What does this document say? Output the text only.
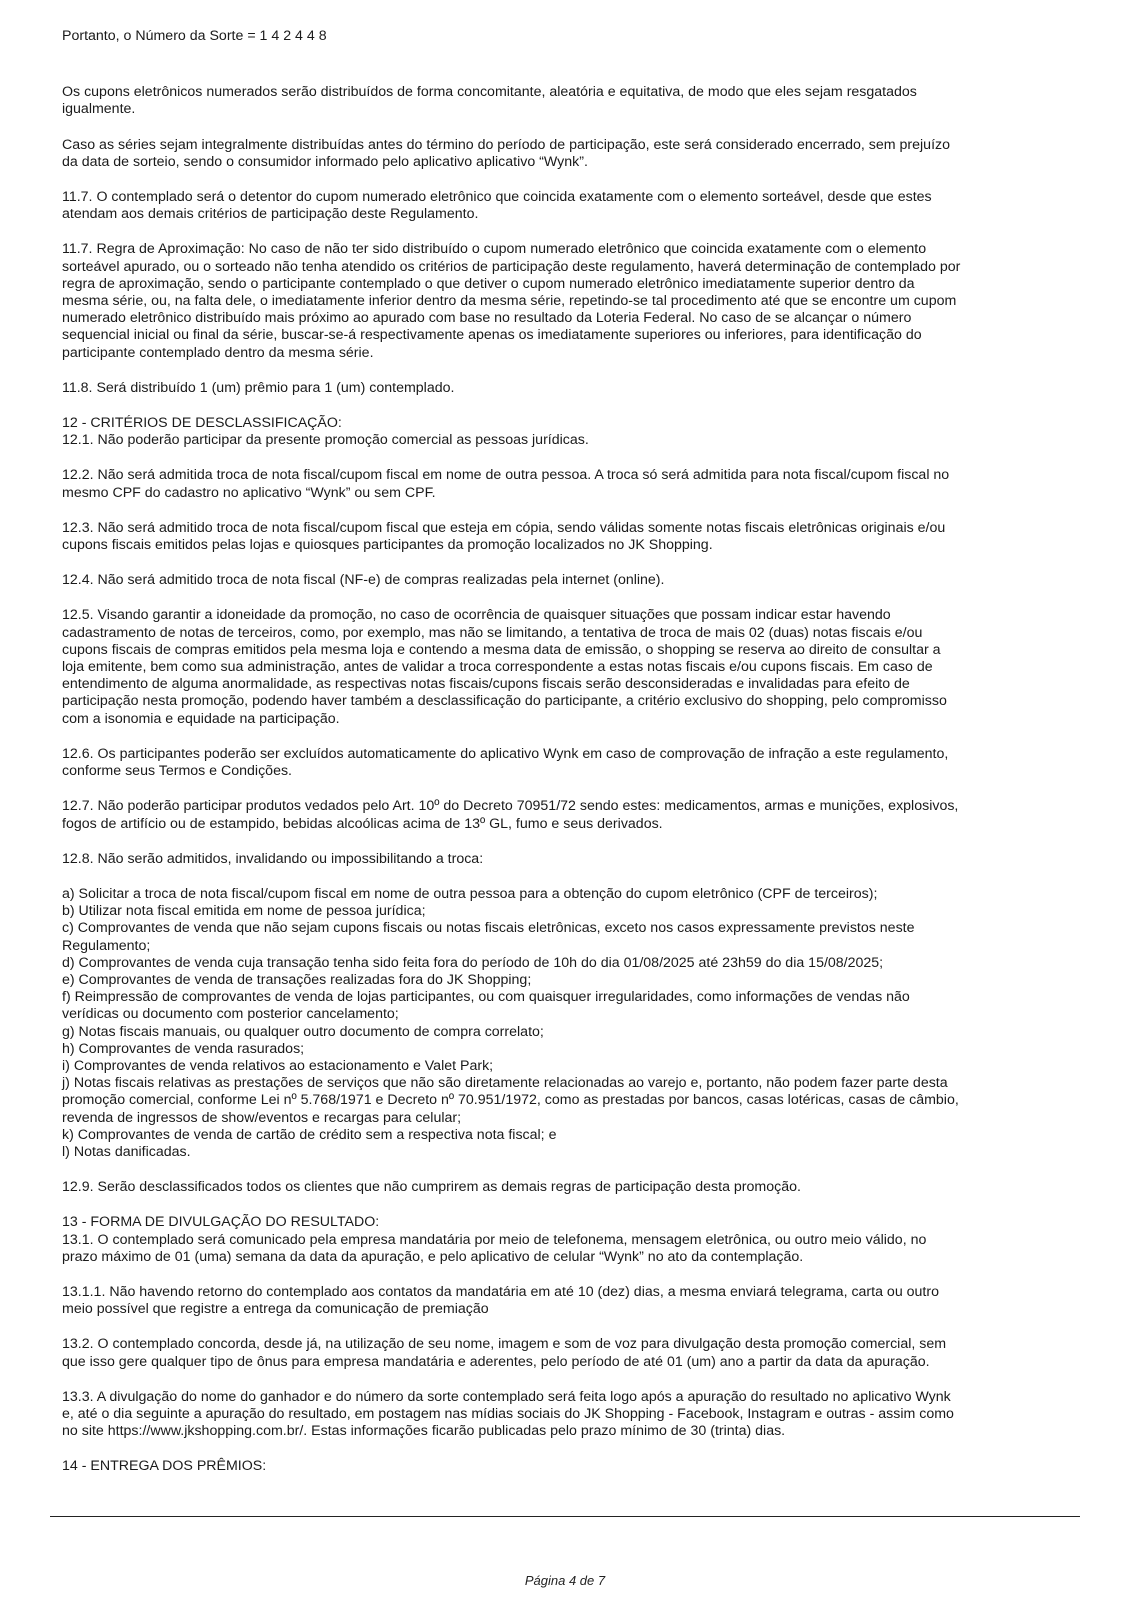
Portanto, o Número da Sorte = 1 4 2 4 4 8

Os cupons eletrônicos numerados serão distribuídos de forma concomitante, aleatória e equitativa, de modo que eles sejam resgatados
igualmente.

Caso as séries sejam integralmente distribuídas antes do término do período de participação, este será considerado encerrado, sem prejuízo
da data de sorteio, sendo o consumidor informado pelo aplicativo aplicativo “Wynk”.

11.7. O contemplado será o detentor do cupom numerado eletrônico que coincida exatamente com o elemento sorteável, desde que estes
atendam aos demais critérios de participação deste Regulamento.

11.7. Regra de Aproximação: No caso de não ter sido distribuído o cupom numerado eletrônico que coincida exatamente com o elemento
sorteável apurado, ou o sorteado não tenha atendido os critérios de participação deste regulamento, haverá determinação de contemplado por
regra de aproximação, sendo o participante contemplado o que detiver o cupom numerado eletrônico imediatamente superior dentro da
mesma série, ou, na falta dele, o imediatamente inferior dentro da mesma série, repetindo-se tal procedimento até que se encontre um cupom
numerado eletrônico distribuído mais próximo ao apurado com base no resultado da Loteria Federal. No caso de se alcançar o número
sequencial inicial ou final da série, buscar-se-á respectivamente apenas os imediatamente superiores ou inferiores, para identificação do
participante contemplado dentro da mesma série.

11.8. Será distribuído 1 (um) prêmio para 1 (um) contemplado.

12 - CRITÉRIOS DE DESCLASSIFICAÇÃO:

12.1. Não poderão participar da presente promoção comercial as pessoas jurídicas.

12.2. Não será admitida troca de nota fiscal/cupom fiscal em nome de outra pessoa. A troca só será admitida para nota fiscal/cupom fiscal no
mesmo CPF do cadastro no aplicativo “Wynk” ou sem CPF.

12.3. Não será admitido troca de nota fiscal/cupom fiscal que esteja em cópia, sendo válidas somente notas fiscais eletrônicas originais e/ou
cupons fiscais emitidos pelas lojas e quiosques participantes da promoção localizados no JK Shopping.

12.4. Não será admitido troca de nota fiscal (NF-e) de compras realizadas pela internet (online).

12.5. Visando garantir a idoneidade da promoção, no caso de ocorrência de quaisquer situações que possam indicar estar havendo
cadastramento de notas de terceiros, como, por exemplo, mas não se limitando, a tentativa de troca de mais 02 (duas) notas fiscais e/ou
cupons fiscais de compras emitidos pela mesma loja e contendo a mesma data de emissão, o shopping se reserva ao direito de consultar a
loja emitente, bem como sua administração, antes de validar a troca correspondente a estas notas fiscais e/ou cupons fiscais. Em caso de
entendimento de alguma anormalidade, as respectivas notas fiscais/cupons fiscais serão desconsideradas e invalidadas para efeito de
participação nesta promoção, podendo haver também a desclassificação do participante, a critério exclusivo do shopping, pelo compromisso
com a isonomia e equidade na participação.

12.6. Os participantes poderão ser excluídos automaticamente do aplicativo Wynk em caso de comprovação de infração a este regulamento,
conforme seus Termos e Condições.

12.7. Não poderão participar produtos vedados pelo Art. 10º do Decreto 70951/72 sendo estes: medicamentos, armas e munições, explosivos,
fogos de artifício ou de estampido, bebidas alcoólicas acima de 13º GL, fumo e seus derivados.

12.8. Não serão admitidos, invalidando ou impossibilitando a troca:

a) Solicitar a troca de nota fiscal/cupom fiscal em nome de outra pessoa para a obtenção do cupom eletrônico (CPF de terceiros);

b) Utilizar nota fiscal emitida em nome de pessoa jurídica;

c) Comprovantes de venda que não sejam cupons fiscais ou notas fiscais eletrônicas, exceto nos casos expressamente previstos neste
Regulamento;

d) Comprovantes de venda cuja transação tenha sido feita fora do período de 10h do dia 01/08/2025 até 23h59 do dia 15/08/2025;

e) Comprovantes de venda de transações realizadas fora do JK Shopping;

f) Reimpressão de comprovantes de venda de lojas participantes, ou com quaisquer irregularidades, como informações de vendas não
verídicas ou documento com posterior cancelamento;

g) Notas fiscais manuais, ou qualquer outro documento de compra correlato;

h) Comprovantes de venda rasurados;

i) Comprovantes de venda relativos ao estacionamento e Valet Park;

j) Notas fiscais relativas as prestações de serviços que não são diretamente relacionadas ao varejo e, portanto, não podem fazer parte desta
promoção comercial, conforme Lei nº 5.768/1971 e Decreto nº 70.951/1972, como as prestadas por bancos, casas lotéricas, casas de câmbio,
revenda de ingressos de show/eventos e recargas para celular;

k) Comprovantes de venda de cartão de crédito sem a respectiva nota fiscal; e

l) Notas danificadas.

12.9. Serão desclassificados todos os clientes que não cumprirem as demais regras de participação desta promoção.

13 - FORMA DE DIVULGAÇÃO DO RESULTADO:

13.1. O contemplado será comunicado pela empresa mandatária por meio de telefonema, mensagem eletrônica, ou outro meio válido, no
prazo máximo de 01 (uma) semana da data da apuração, e pelo aplicativo de celular “Wynk” no ato da contemplação.

13.1.1. Não havendo retorno do contemplado aos contatos da mandatária em até 10 (dez) dias, a mesma enviará telegrama, carta ou outro
meio possível que registre a entrega da comunicação de premiação

13.2. O contemplado concorda, desde já, na utilização de seu nome, imagem e som de voz para divulgação desta promoção comercial, sem
que isso gere qualquer tipo de ônus para empresa mandatária e aderentes, pelo período de até 01 (um) ano a partir da data da apuração.

13.3. A divulgação do nome do ganhador e do número da sorte contemplado será feita logo após a apuração do resultado no aplicativo Wynk
e, até o dia seguinte a apuração do resultado, em postagem nas mídias sociais do JK Shopping - Facebook, Instagram e outras - assim como
no site https://www.jkshopping.com.br/. Estas informações ficarão publicadas pelo prazo mínimo de 30 (trinta) dias.

14 - ENTREGA DOS PRÊMIOS:

Página 4 de 7
